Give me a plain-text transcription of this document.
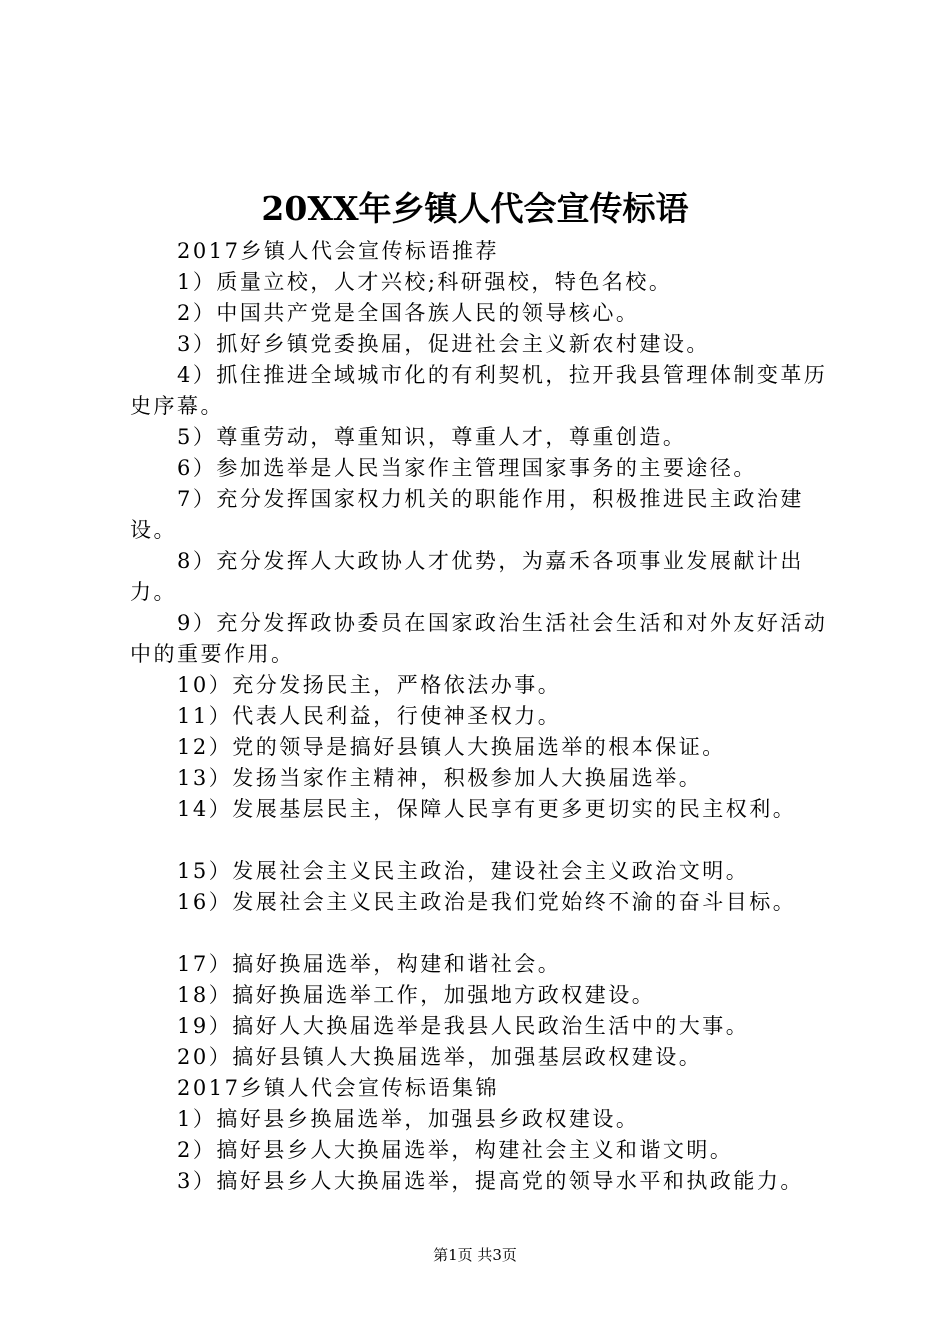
20XX年乡镇人代会宣传标语

2017乡镇人代会宣传标语推荐

1）质量立校，人才兴校;科研强校，特色名校。

2）中国共产党是全国各族人民的领导核心。

3）抓好乡镇党委换届，促进社会主义新农村建设。

4）抓住推进全域城市化的有利契机，拉开我县管理体制变革历史序幕。

5）尊重劳动，尊重知识，尊重人才，尊重创造。

6）参加选举是人民当家作主管理国家事务的主要途径。

7）充分发挥国家权力机关的职能作用，积极推进民主政治建设。

8）充分发挥人大政协人才优势，为嘉禾各项事业发展献计出力。

9）充分发挥政协委员在国家政治生活社会生活和对外友好活动中的重要作用。

10）充分发扬民主，严格依法办事。

11）代表人民利益，行使神圣权力。

12）党的领导是搞好县镇人大换届选举的根本保证。

13）发扬当家作主精神，积极参加人大换届选举。

14）发展基层民主，保障人民享有更多更切实的民主权利。

15）发展社会主义民主政治，建设社会主义政治文明。

16）发展社会主义民主政治是我们党始终不渝的奋斗目标。

17）搞好换届选举，构建和谐社会。

18）搞好换届选举工作，加强地方政权建设。

19）搞好人大换届选举是我县人民政治生活中的大事。

20）搞好县镇人大换届选举，加强基层政权建设。

2017乡镇人代会宣传标语集锦

1）搞好县乡换届选举，加强县乡政权建设。

2）搞好县乡人大换届选举，构建社会主义和谐文明。

3）搞好县乡人大换届选举，提高党的领导水平和执政能力。

第1页 共3页
